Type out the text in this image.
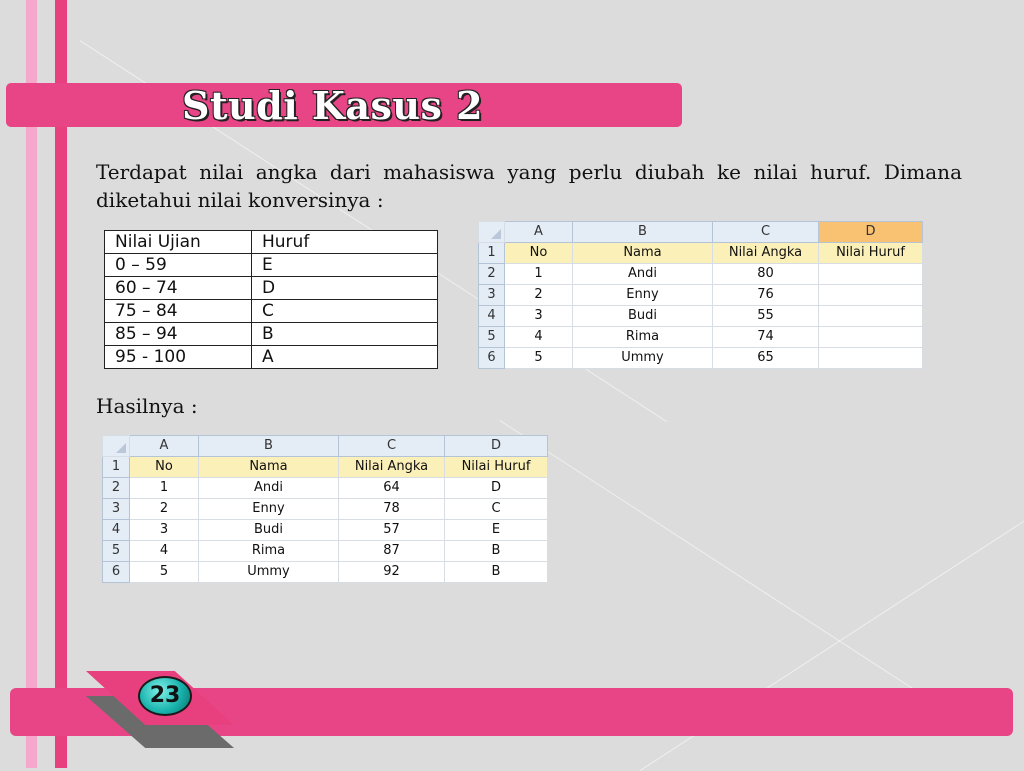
Studi Kasus 2

Terdapat nilai angka dari mahasiswa yang perlu diubah ke nilai huruf. Dimana diketahui nilai konversinya :

Nilai Ujian	Huruf
0 – 59	E
60 – 74	D
75 – 84	C
85 – 94	B
95 - 100	A
	A	B	C	D
1	No	Nama	Nilai Angka	Nilai Huruf
2	1	Andi	80	
3	2	Enny	76	
4	3	Budi	55	
5	4	Rima	74	
6	5	Ummy	65	

Hasilnya :

	A	B	C	D
1	No	Nama	Nilai Angka	Nilai Huruf
2	1	Andi	64	D
3	2	Enny	78	C
4	3	Budi	57	E
5	4	Rima	87	B
6	5	Ummy	92	B
23
